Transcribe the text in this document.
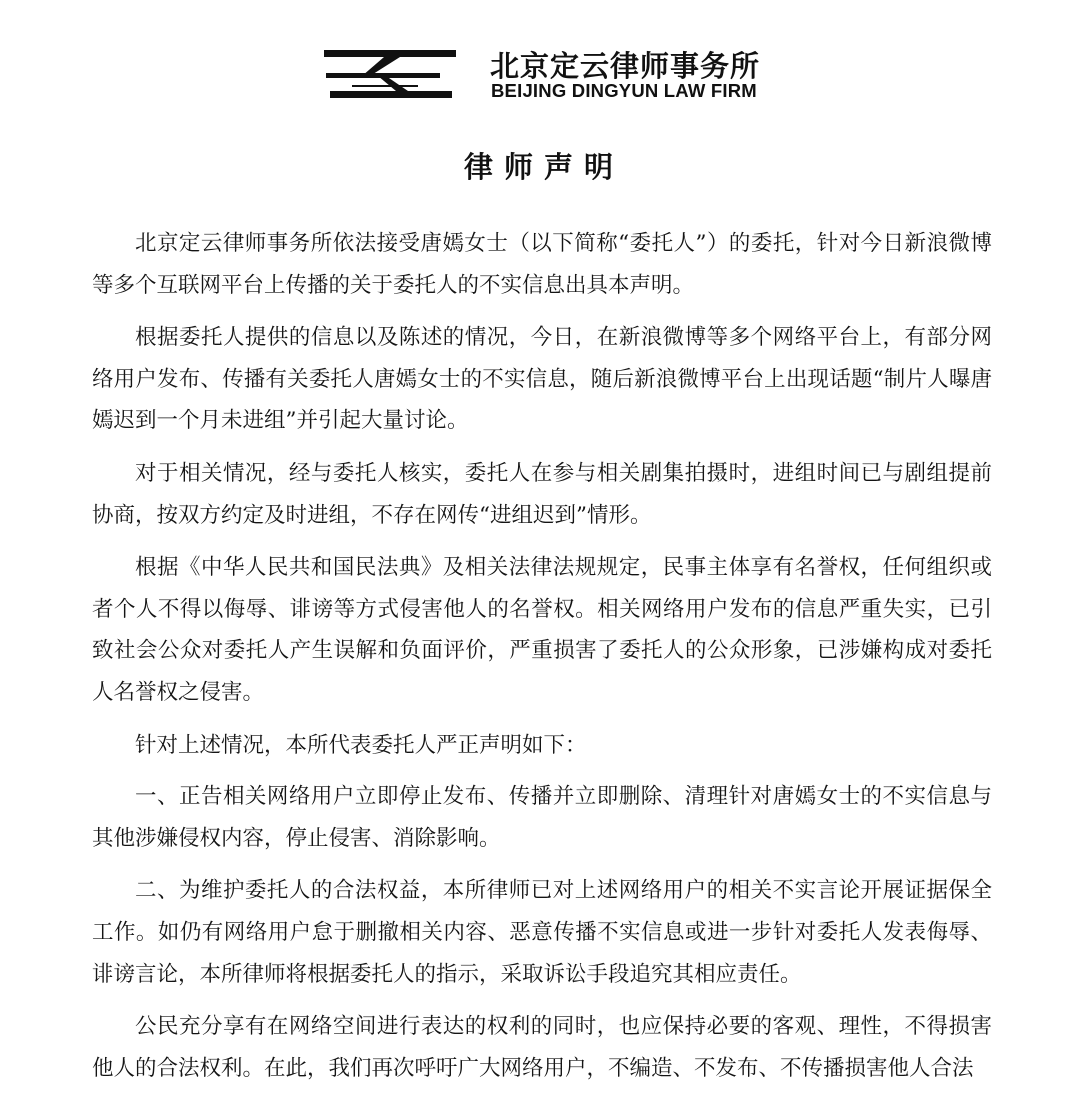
北京定云律师事务所
BEIJING DINGYUN LAW FIRM
律师声明

北京定云律师事务所依法接受唐嫣女士（以下简称“委托人”）的委托，针对今日新浪微博等多个互联网平台上传播的关于委托人的不实信息出具本声明。

根据委托人提供的信息以及陈述的情况，今日，在新浪微博等多个网络平台上，有部分网络用户发布、传播有关委托人唐嫣女士的不实信息，随后新浪微博平台上出现话题“制片人曝唐嫣迟到一个月未进组”并引起大量讨论。

对于相关情况，经与委托人核实，委托人在参与相关剧集拍摄时，进组时间已与剧组提前协商，按双方约定及时进组，不存在网传“进组迟到”情形。

根据《中华人民共和国民法典》及相关法律法规规定，民事主体享有名誉权，任何组织或者个人不得以侮辱、诽谤等方式侵害他人的名誉权。相关网络用户发布的信息严重失实，已引致社会公众对委托人产生误解和负面评价，严重损害了委托人的公众形象，已涉嫌构成对委托人名誉权之侵害。

针对上述情况，本所代表委托人严正声明如下：

一、正告相关网络用户立即停止发布、传播并立即删除、清理针对唐嫣女士的不实信息与其他涉嫌侵权内容，停止侵害、消除影响。

二、为维护委托人的合法权益，本所律师已对上述网络用户的相关不实言论开展证据保全工作。如仍有网络用户怠于删撤相关内容、恶意传播不实信息或进一步针对委托人发表侮辱、诽谤言论，本所律师将根据委托人的指示，采取诉讼手段追究其相应责任。

公民充分享有在网络空间进行表达的权利的同时，也应保持必要的客观、理性，不得损害他人的合法权利。在此，我们再次呼吁广大网络用户，不编造、不发布、不传播损害他人合法
